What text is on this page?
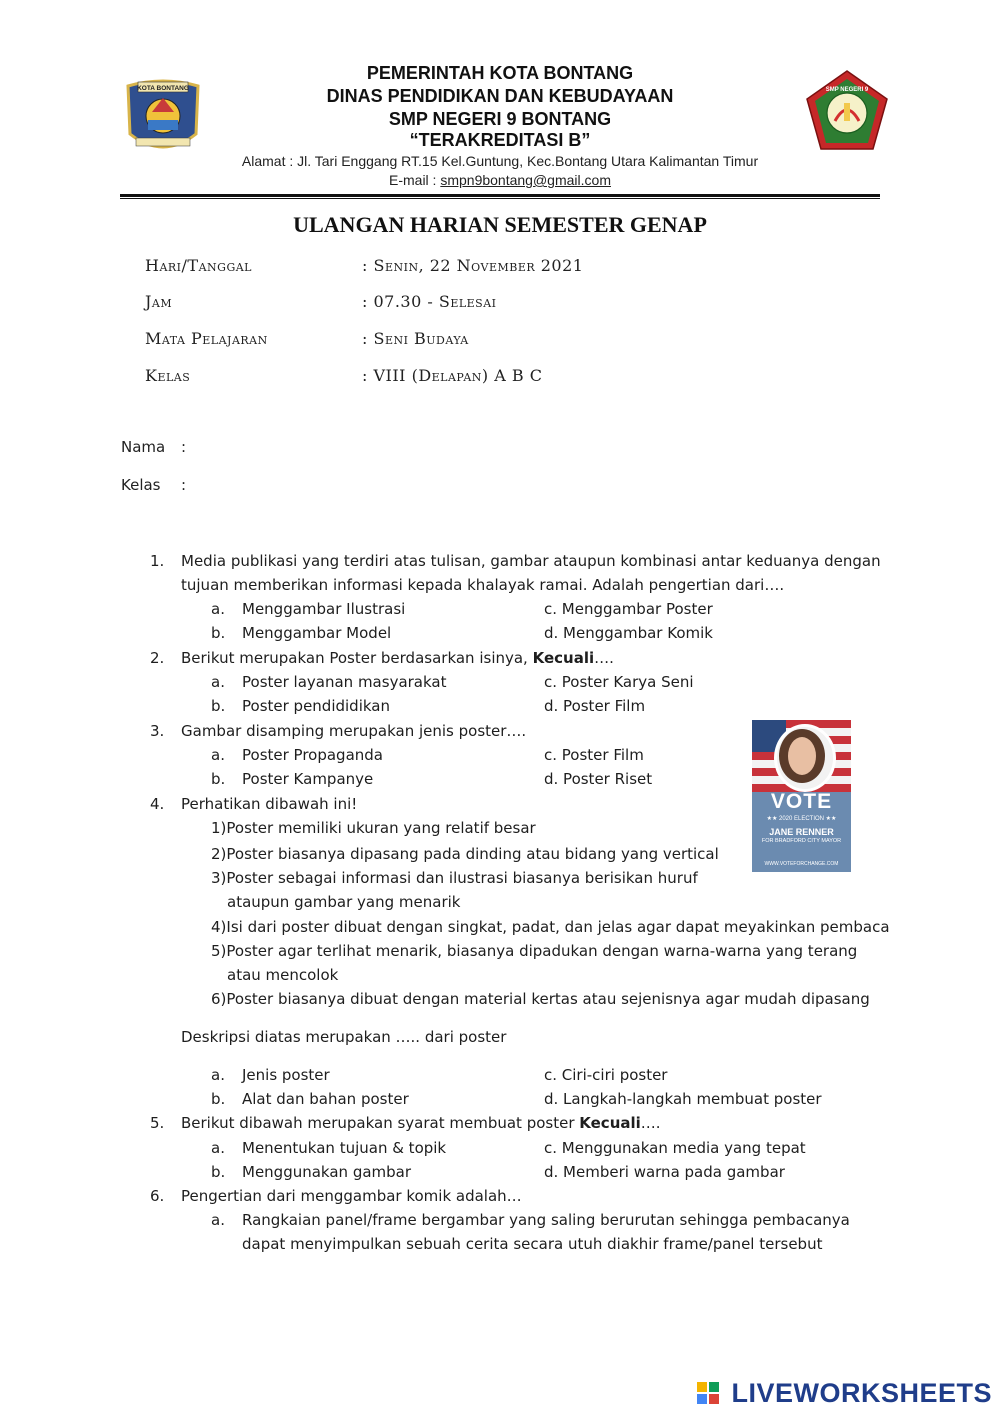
KOTA BONTANG	SMP NEGERI 9
PEMERINTAH KOTA BONTANG
DINAS PENDIDIKAN DAN KEBUDAYAAN
SMP NEGERI 9 BONTANG
“TERAKREDITASI B”
Alamat : Jl. Tari Enggang RT.15 Kel.Guntung, Kec.Bontang Utara Kalimantan Timur
E-mail : smpn9bontang@gmail.com
ULANGAN HARIAN SEMESTER GENAP
Hari/Tanggal	: Senin, 22 November 2021
Jam	: 07.30 - Selesai
Mata Pelajaran	: Seni Budaya
Kelas	: VIII (Delapan) A B C
Nama :
Kelas :
1. Media publikasi yang terdiri atas tulisan, gambar ataupun kombinasi antar keduanya dengan
tujuan memberikan informasi kepada khalayak ramai. Adalah pengertian dari….
a. Menggambar Ilustrasi	c. Menggambar Poster
b. Menggambar Model	d. Menggambar Komik
2. Berikut merupakan Poster berdasarkan isinya, Kecuali….
a. Poster layanan masyarakat	c. Poster Karya Seni
b. Poster pendididikan	d. Poster Film
3. Gambar disamping merupakan jenis poster….
a. Poster Propaganda	c. Poster Film
b. Poster Kampanye	d. Poster Riset
VOTE
★★ 2020 ELECTION ★★
JANE RENNER
FOR BRADFORD CITY MAYOR
WWW.VOTEFORCHANGE.COM
4. Perhatikan dibawah ini!
1)Poster memiliki ukuran yang relatif besar
2)Poster biasanya dipasang pada dinding atau bidang yang vertical
3)Poster sebagai informasi dan ilustrasi biasanya berisikan huruf
ataupun gambar yang menarik
4)Isi dari poster dibuat dengan singkat, padat, dan jelas agar dapat meyakinkan pembaca
5)Poster agar terlihat menarik, biasanya dipadukan dengan warna-warna yang terang
atau mencolok
6)Poster biasanya dibuat dengan material kertas atau sejenisnya agar mudah dipasang
Deskripsi diatas merupakan ….. dari poster
a. Jenis poster	c. Ciri-ciri poster
b. Alat dan bahan poster	d. Langkah-langkah membuat poster
5. Berikut dibawah merupakan syarat membuat poster Kecuali….
a. Menentukan tujuan & topik	c. Menggunakan media yang tepat
b. Menggunakan gambar	d. Memberi warna pada gambar
6. Pengertian dari menggambar komik adalah…
a. Rangkaian panel/frame bergambar yang saling berurutan sehingga pembacanya
dapat menyimpulkan sebuah cerita secara utuh diakhir frame/panel tersebut
LIVEWORKSHEETS
